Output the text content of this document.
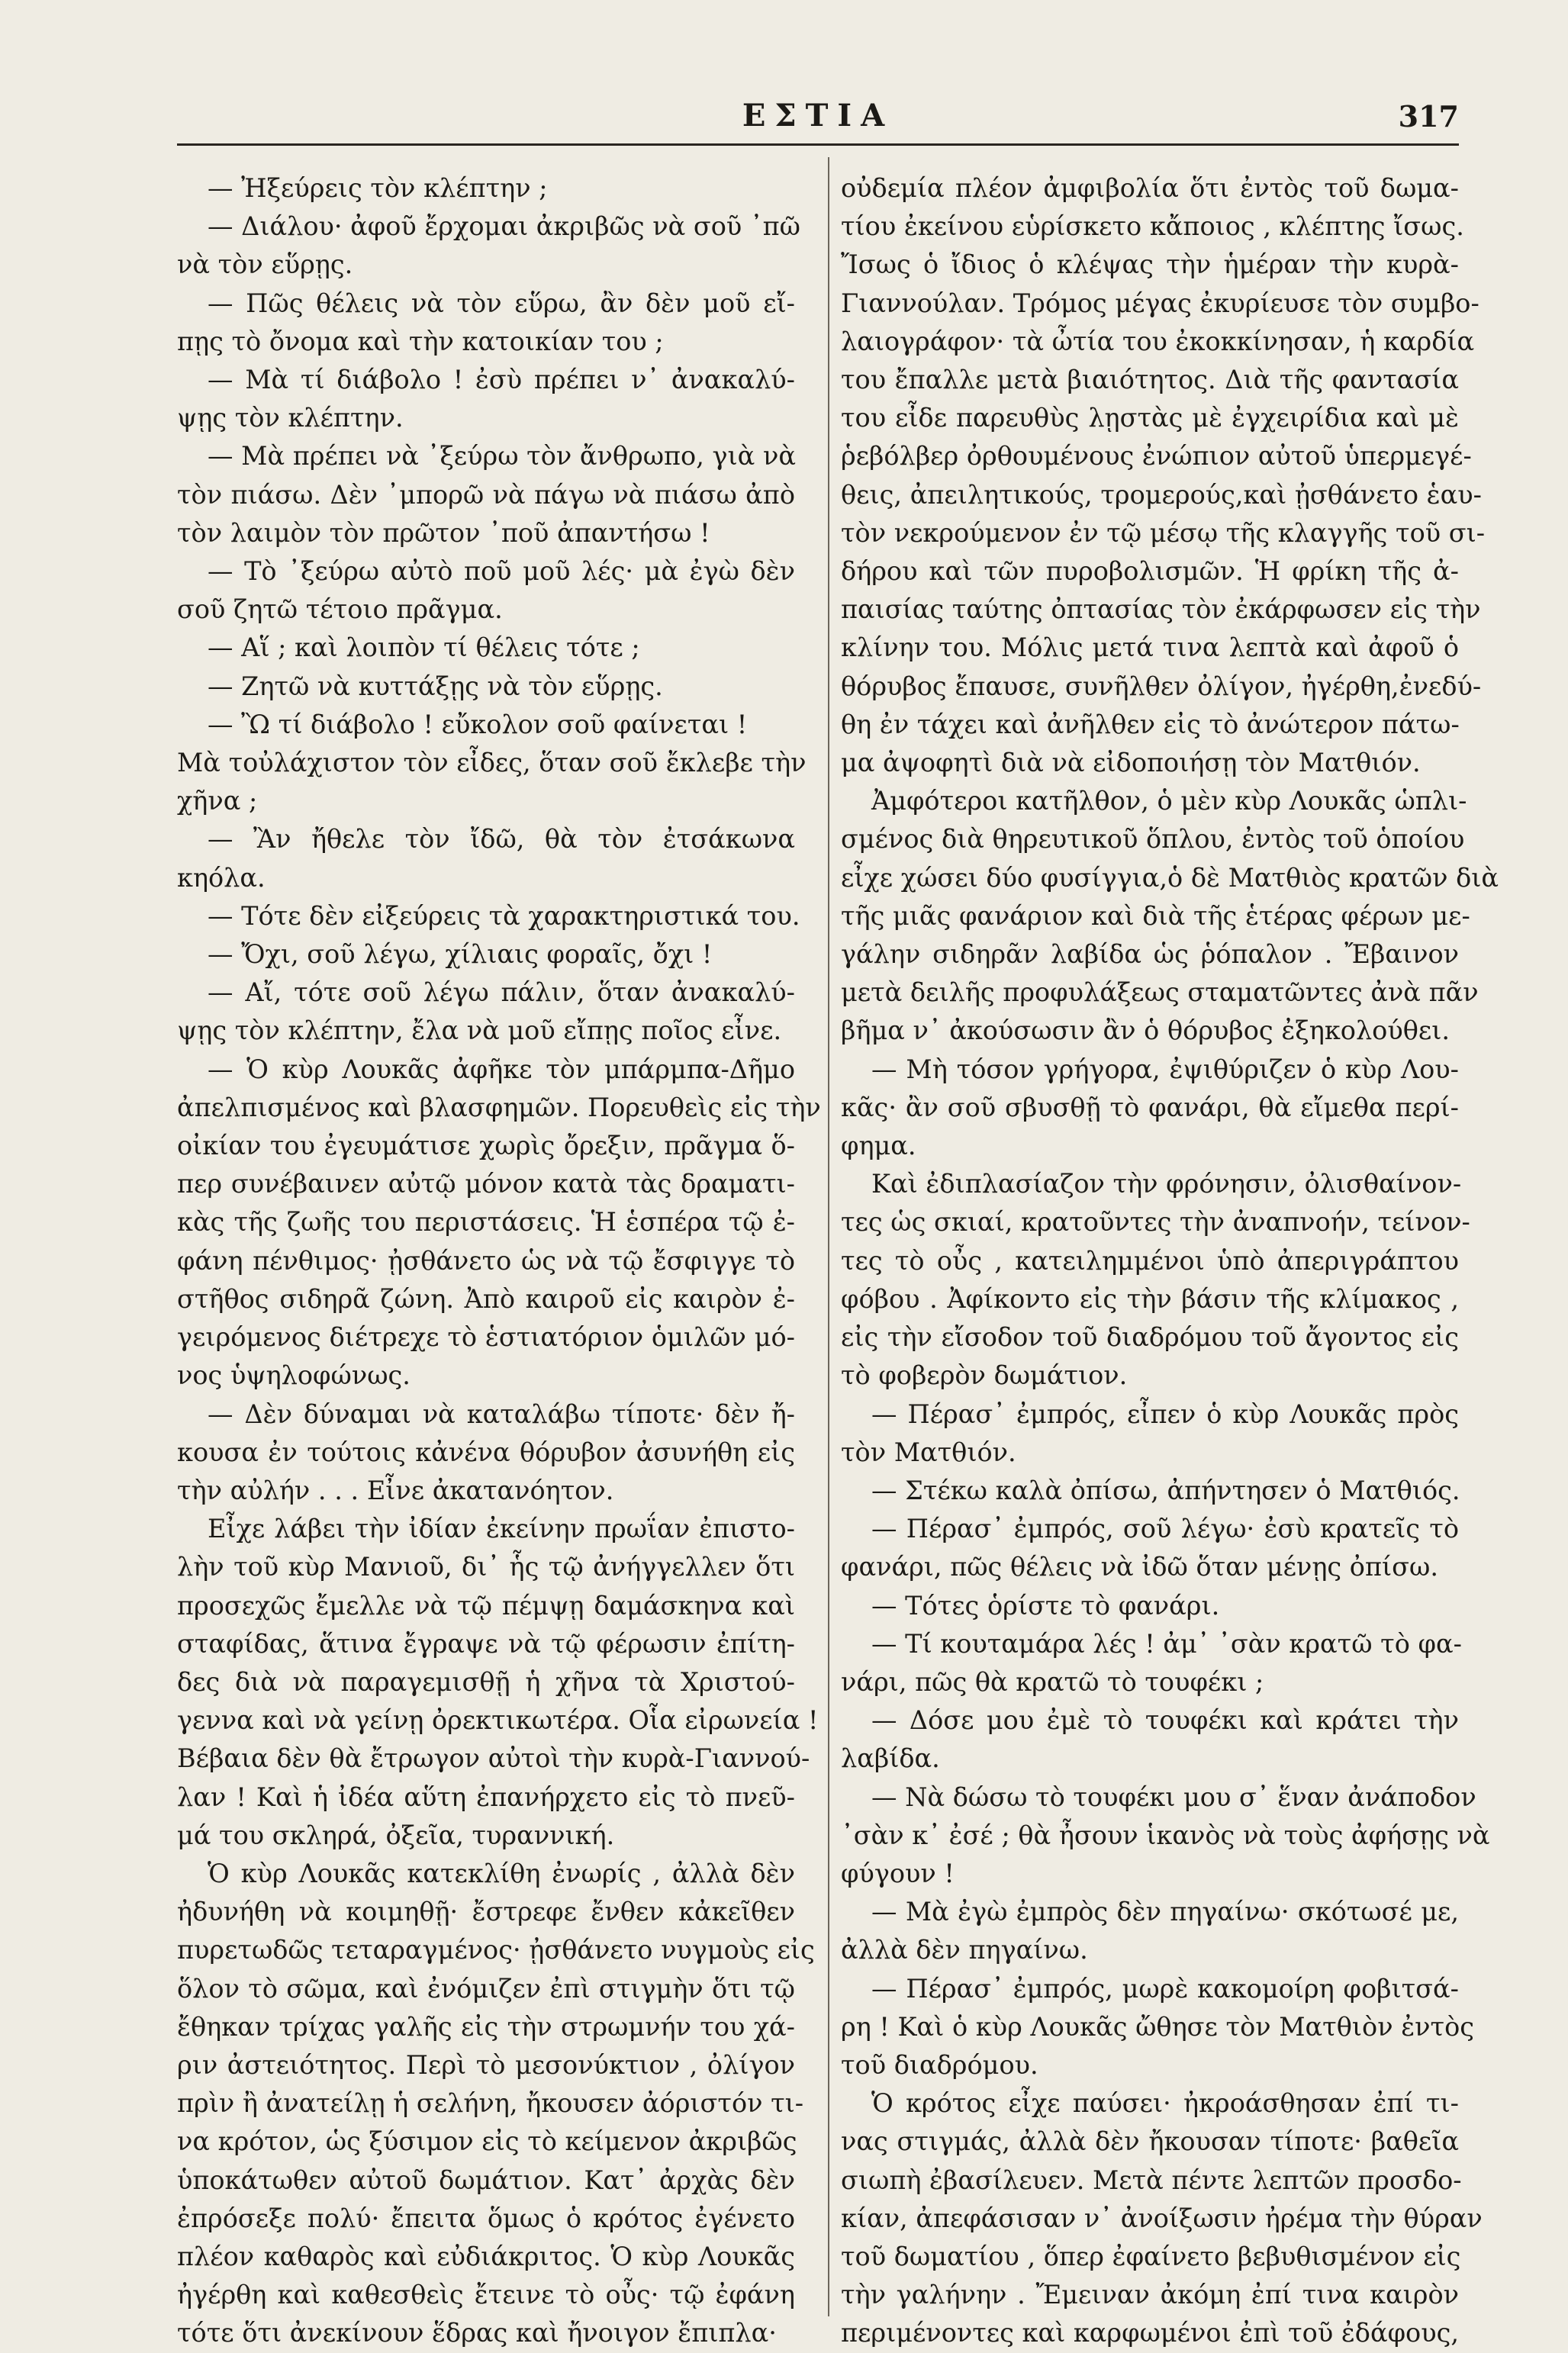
ΕΣΤΙΑ	317
— Ἠξεύρεις τὸν κλέπτην ;
— Διάλου· ἀφοῦ ἔρχομαι ἀκριβῶς νὰ σοῦ ᾽πῶ
νὰ τὸν εὕρῃς.
— Πῶς θέλεις νὰ τὸν εὕρω, ἂν δὲν μοῦ εἴ-
πῃς τὸ ὄνομα καὶ τὴν κατοικίαν του ;
— Μὰ τί διάβολο ! ἐσὺ πρέπει ν᾽ ἀνακαλύ-
ψῃς τὸν κλέπτην.
— Μὰ πρέπει νὰ ᾽ξεύρω τὸν ἄνθρωπο, γιὰ νὰ
τὸν πιάσω. Δὲν ᾽μπορῶ νὰ πάγω νὰ πιάσω ἀπὸ
τὸν λαιμὸν τὸν πρῶτον ᾽ποῦ ἀπαντήσω !
— Τὸ ᾽ξεύρω αὐτὸ ποῦ μοῦ λές· μὰ ἐγὼ δὲν
σοῦ ζητῶ τέτοιο πρᾶγμα.
— Αἵ ; καὶ λοιπὸν τί θέλεις τότε ;
— Ζητῶ νὰ κυττάξῃς νὰ τὸν εὕρῃς.
— Ὢ τί διάβολο ! εὔκολον σοῦ φαίνεται !
Μὰ τοὐλάχιστον τὸν εἶδες, ὅταν σοῦ ἔκλεβε τὴν
χῆνα ;
— Ἂν ἤθελε τὸν ἴδῶ, θὰ τὸν ἐτσάκωνα
κηόλα.
— Τότε δὲν εἰξεύρεις τὰ χαρακτηριστικά του.
— Ὄχι, σοῦ λέγω, χίλιαις φοραῖς, ὄχι !
— Αἴ, τότε σοῦ λέγω πάλιν, ὅταν ἀνακαλύ-
ψῃς τὸν κλέπτην, ἔλα νὰ μοῦ εἴπῃς ποῖος εἶνε.
— Ὁ κὺρ Λουκᾶς ἀφῆκε τὸν μπάρμπα-Δῆμο
ἀπελπισμένος καὶ βλασφημῶν. Πορευθεὶς εἰς τὴν
οἰκίαν του ἐγευμάτισε χωρὶς ὄρεξιν, πρᾶγμα ὅ-
περ συνέβαινεν αὐτῷ μόνον κατὰ τὰς δραματι-
κὰς τῆς ζωῆς του περιστάσεις. Ἡ ἑσπέρα τῷ ἐ-
φάνη πένθιμος· ᾐσθάνετο ὡς νὰ τῷ ἔσφιγγε τὸ
στῆθος σιδηρᾶ ζώνη. Ἀπὸ καιροῦ εἰς καιρὸν ἐ-
γειρόμενος διέτρεχε τὸ ἑστιατόριον ὁμιλῶν μό-
νος ὑψηλοφώνως.
— Δὲν δύναμαι νὰ καταλάβω τίποτε· δὲν ἤ-
κουσα ἐν τούτοις κἀνένα θόρυβον ἀσυνήθη εἰς
τὴν αὐλήν . . . Εἶνε ἀκατανόητον.
Εἶχε λάβει τὴν ἰδίαν ἐκείνην πρωΐαν ἐπιστο-
λὴν τοῦ κὺρ Μανιοῦ, δι᾽ ἧς τῷ ἀνήγγελλεν ὅτι
προσεχῶς ἔμελλε νὰ τῷ πέμψῃ δαμάσκηνα καὶ
σταφίδας, ἅτινα ἔγραψε νὰ τῷ φέρωσιν ἐπίτη-
δες διὰ νὰ παραγεμισθῇ ἡ χῆνα τὰ Χριστού-
γεννα καὶ νὰ γείνῃ ὀρεκτικωτέρα. Οἷα εἰρωνεία !
Βέβαια δὲν θὰ ἔτρωγον αὐτοὶ τὴν κυρὰ-Γιαννού-
λαν ! Καὶ ἡ ἰδέα αὕτη ἐπανήρχετο εἰς τὸ πνεῦ-
μά του σκληρά, ὀξεῖα, τυραννική.
Ὁ κὺρ Λουκᾶς κατεκλίθη ἐνωρίς , ἀλλὰ δὲν
ἠδυνήθη νὰ κοιμηθῇ· ἔστρεφε ἔνθεν κἀκεῖθεν
πυρετωδῶς τεταραγμένος· ᾐσθάνετο νυγμοὺς εἰς
ὅλον τὸ σῶμα, καὶ ἐνόμιζεν ἐπὶ στιγμὴν ὅτι τῷ
ἔθηκαν τρίχας γαλῆς εἰς τὴν στρωμνήν του χά-
ριν ἀστειότητος. Περὶ τὸ μεσονύκτιον , ὀλίγον
πρὶν ἢ ἀνατείλῃ ἡ σελήνη, ἤκουσεν ἀόριστόν τι-
να κρότον, ὡς ξύσιμον εἰς τὸ κείμενον ἀκριβῶς
ὑποκάτωθεν αὐτοῦ δωμάτιον. Κατ᾽ ἀρχὰς δὲν
ἐπρόσεξε πολύ· ἔπειτα ὅμως ὁ κρότος ἐγένετο
πλέον καθαρὸς καὶ εὐδιάκριτος. Ὁ κὺρ Λουκᾶς
ἠγέρθη καὶ καθεσθεὶς ἔτεινε τὸ οὖς· τῷ ἐφάνη
τότε ὅτι ἀνεκίνουν ἕδρας καὶ ἤνοιγον ἔπιπλα·
οὐδεμία πλέον ἀμφιβολία ὅτι ἐντὸς τοῦ δωμα-
τίου ἐκείνου εὑρίσκετο κἄποιος , κλέπτης ἴσως.
Ἴσως ὁ ἴδιος ὁ κλέψας τὴν ἡμέραν τὴν κυρὰ-
Γιαννούλαν. Τρόμος μέγας ἐκυρίευσε τὸν συμβο-
λαιογράφον· τὰ ὦτία του ἐκοκκίνησαν, ἡ καρδία
του ἔπαλλε μετὰ βιαιότητος. Διὰ τῆς φαντασία
του εἶδε παρευθὺς λῃστὰς μὲ ἐγχειρίδια καὶ μὲ
ῥεβόλβερ ὀρθουμένους ἐνώπιον αὐτοῦ ὑπερμεγέ-
θεις, ἀπειλητικούς, τρομερούς,καὶ ᾐσθάνετο ἑαυ-
τὸν νεκρούμενον ἐν τῷ μέσῳ τῆς κλαγγῆς τοῦ σι-
δήρου καὶ τῶν πυροβολισμῶν. Ἡ φρίκη τῆς ἀ-
παισίας ταύτης ὀπτασίας τὸν ἐκάρφωσεν εἰς τὴν
κλίνην του. Μόλις μετά τινα λεπτὰ καὶ ἀφοῦ ὁ
θόρυβος ἔπαυσε, συνῆλθεν ὀλίγον, ἠγέρθη,ἐνεδύ-
θη ἐν τάχει καὶ ἀνῆλθεν εἰς τὸ ἀνώτερον πάτω-
μα ἀψοφητὶ διὰ νὰ εἰδοποιήσῃ τὸν Ματθιόν.
Ἀμφότεροι κατῆλθον, ὁ μὲν κὺρ Λουκᾶς ὡπλι-
σμένος διὰ θηρευτικοῦ ὅπλου, ἐντὸς τοῦ ὁποίου
εἶχε χώσει δύο φυσίγγια,ὁ δὲ Ματθιὸς κρατῶν διὰ
τῆς μιᾶς φανάριον καὶ διὰ τῆς ἑτέρας φέρων με-
γάλην σιδηρᾶν λαβίδα ὡς ῥόπαλον . Ἔβαινον
μετὰ δειλῆς προφυλάξεως σταματῶντες ἀνὰ πᾶν
βῆμα ν᾽ ἀκούσωσιν ἂν ὁ θόρυβος ἐξηκολούθει.
— Μὴ τόσον γρήγορα, ἐψιθύριζεν ὁ κὺρ Λου-
κᾶς· ἂν σοῦ σβυσθῇ τὸ φανάρι, θὰ εἴμεθα περί-
φημα.
Καὶ ἐδιπλασίαζον τὴν φρόνησιν, ὀλισθαίνον-
τες ὡς σκιαί, κρατοῦντες τὴν ἀναπνοήν, τείνον-
τες τὸ οὖς , κατειλημμένοι ὑπὸ ἀπεριγράπτου
φόβου . Ἀφίκοντο εἰς τὴν βάσιν τῆς κλίμακος ,
εἰς τὴν εἴσοδον τοῦ διαδρόμου τοῦ ἄγοντος εἰς
τὸ φοβερὸν δωμάτιον.
— Πέρασ᾽ ἐμπρός, εἶπεν ὁ κὺρ Λουκᾶς πρὸς
τὸν Ματθιόν.
— Στέκω καλὰ ὀπίσω, ἀπήντησεν ὁ Ματθιός.
— Πέρασ᾽ ἐμπρός, σοῦ λέγω· ἐσὺ κρατεῖς τὸ
φανάρι, πῶς θέλεις νὰ ἰδῶ ὅταν μένῃς ὀπίσω.
— Τότες ὁρίστε τὸ φανάρι.
— Τί κουταμάρα λές ! ἀμ᾽ ᾽σὰν κρατῶ τὸ φα-
νάρι, πῶς θὰ κρατῶ τὸ τουφέκι ;
— Δόσε μου ἐμὲ τὸ τουφέκι καὶ κράτει τὴν
λαβίδα.
— Νὰ δώσω τὸ τουφέκι μου σ᾽ ἕναν ἀνάποδον
᾽σὰν κ᾽ ἐσέ ; θὰ ἦσουν ἱκανὸς νὰ τοὺς ἀφήσῃς νὰ
φύγουν !
— Μὰ ἐγὼ ἐμπρὸς δὲν πηγαίνω· σκότωσέ με,
ἀλλὰ δὲν πηγαίνω.
— Πέρασ᾽ ἐμπρός, μωρὲ κακομοίρη φοβιτσά-
ρη ! Καὶ ὁ κὺρ Λουκᾶς ὤθησε τὸν Ματθιὸν ἐντὸς
τοῦ διαδρόμου.
Ὁ κρότος εἶχε παύσει· ἠκροάσθησαν ἐπί τι-
νας στιγμάς, ἀλλὰ δὲν ἤκουσαν τίποτε· βαθεῖα
σιωπὴ ἐβασίλευεν. Μετὰ πέντε λεπτῶν προσδο-
κίαν, ἀπεφάσισαν ν᾽ ἀνοίξωσιν ἠρέμα τὴν θύραν
τοῦ δωματίου , ὅπερ ἐφαίνετο βεβυθισμένον εἰς
τὴν γαλήνην . Ἔμειναν ἀκόμη ἐπί τινα καιρὸν
περιμένοντες καὶ καρφωμένοι ἐπὶ τοῦ ἐδάφους,
